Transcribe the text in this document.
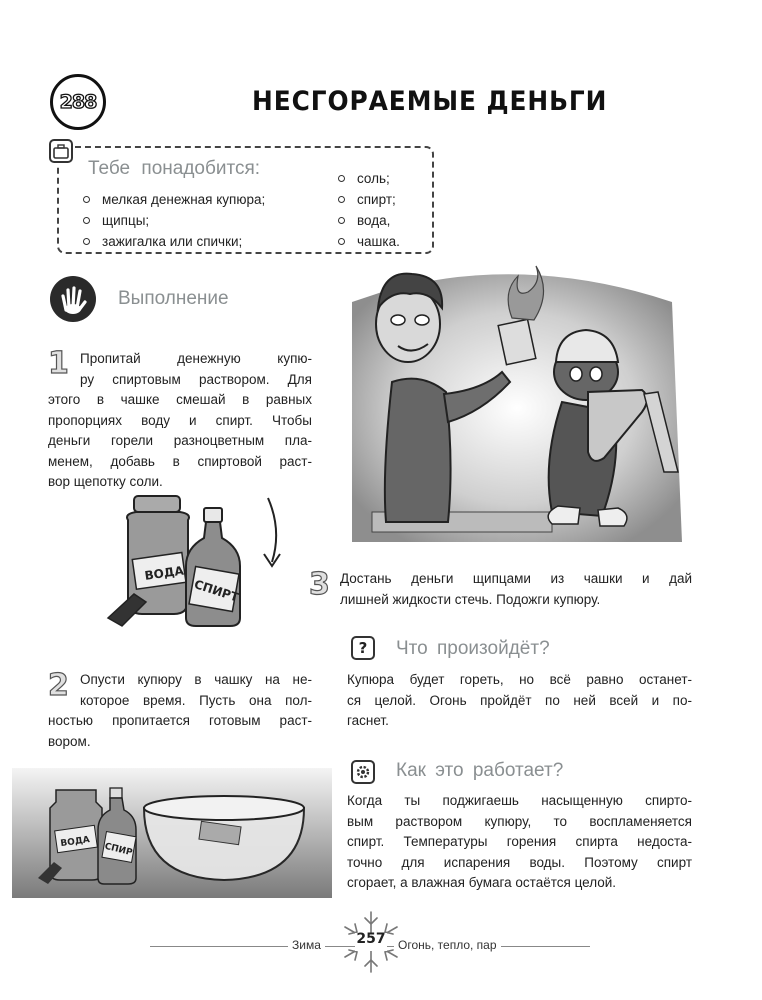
288	НЕСГОРАЕМЫЕ ДЕНЬГИ
Тебе понадобится:
мелкая денежная купюра;
щипцы;
зажигалка или спички;
соль;
спирт;
вода,
чашка.
Выполнение
1 Пропитай денежную купю-
ру спиртовым раствором. Для
этого в чашке смешай в равных
пропорциях воду и спирт. Чтобы
деньги горели разноцветным пла-
менем, добавь в спиртовой раст-
вор щепотку соли.
ВОДА
СПИРТ 3 Достань деньги щипцами из чашки и дай
лишней жидкости стечь. Подожги купюру.
?	Что произойдёт?
Купюра будет гореть, но всё равно останет-
ся целой. Огонь пройдёт по ней всей и по-
гаснет.
2 Опусти купюру в чашку на не-
которое время. Пусть она пол-
ностью пропитается готовым раст-
вором.
Как это работает?
Когда ты поджигаешь насыщенную спирто-
вым раствором купюру, то воспламеняется
спирт. Температуры горения спирта недоста-
точно для испарения воды. Поэтому спирт
сгорает, а влажная бумага остаётся целой.
ВОДА СПИР
Зима	257	Огонь, тепло, пар
